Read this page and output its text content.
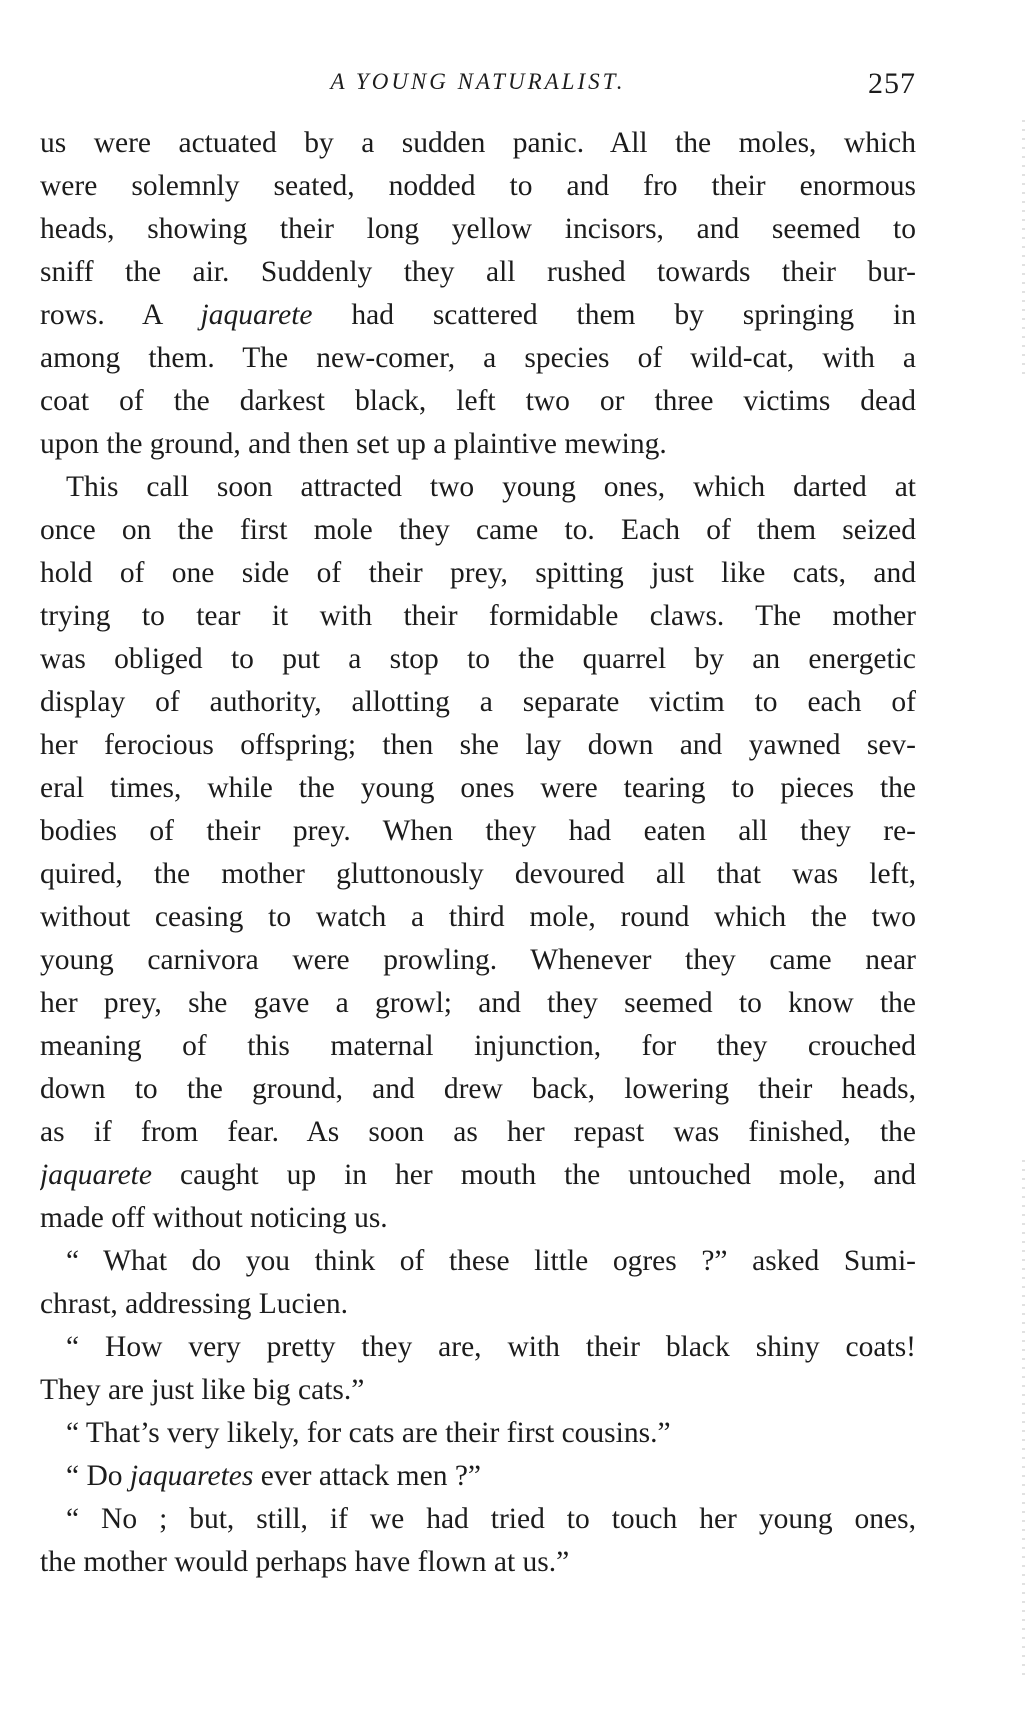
A YOUNG NATURALIST.	257
us were actuated by a sudden panic. All the moles, which
were solemnly seated, nodded to and fro their enormous
heads, showing their long yellow incisors, and seemed to
sniff the air. Suddenly they all rushed towards their bur-
rows. A jaquarete had scattered them by springing in
among them. The new-comer, a species of wild-cat, with a
coat of the darkest black, left two or three victims dead
upon the ground, and then set up a plaintive mewing.
This call soon attracted two young ones, which darted at
once on the first mole they came to. Each of them seized
hold of one side of their prey, spitting just like cats, and
trying to tear it with their formidable claws. The mother
was obliged to put a stop to the quarrel by an energetic
display of authority, allotting a separate victim to each of
her ferocious offspring; then she lay down and yawned sev-
eral times, while the young ones were tearing to pieces the
bodies of their prey. When they had eaten all they re-
quired, the mother gluttonously devoured all that was left,
without ceasing to watch a third mole, round which the two
young carnivora were prowling. Whenever they came near
her prey, she gave a growl; and they seemed to know the
meaning of this maternal injunction, for they crouched
down to the ground, and drew back, lowering their heads,
as if from fear. As soon as her repast was finished, the
jaquarete caught up in her mouth the untouched mole, and
made off without noticing us.
“ What do you think of these little ogres ?” asked Sumi-
chrast, addressing Lucien.
“ How very pretty they are, with their black shiny coats!
They are just like big cats.”
“ That’s very likely, for cats are their first cousins.”
“ Do jaquaretes ever attack men ?”
“ No ; but, still, if we had tried to touch her young ones,
the mother would perhaps have flown at us.”
